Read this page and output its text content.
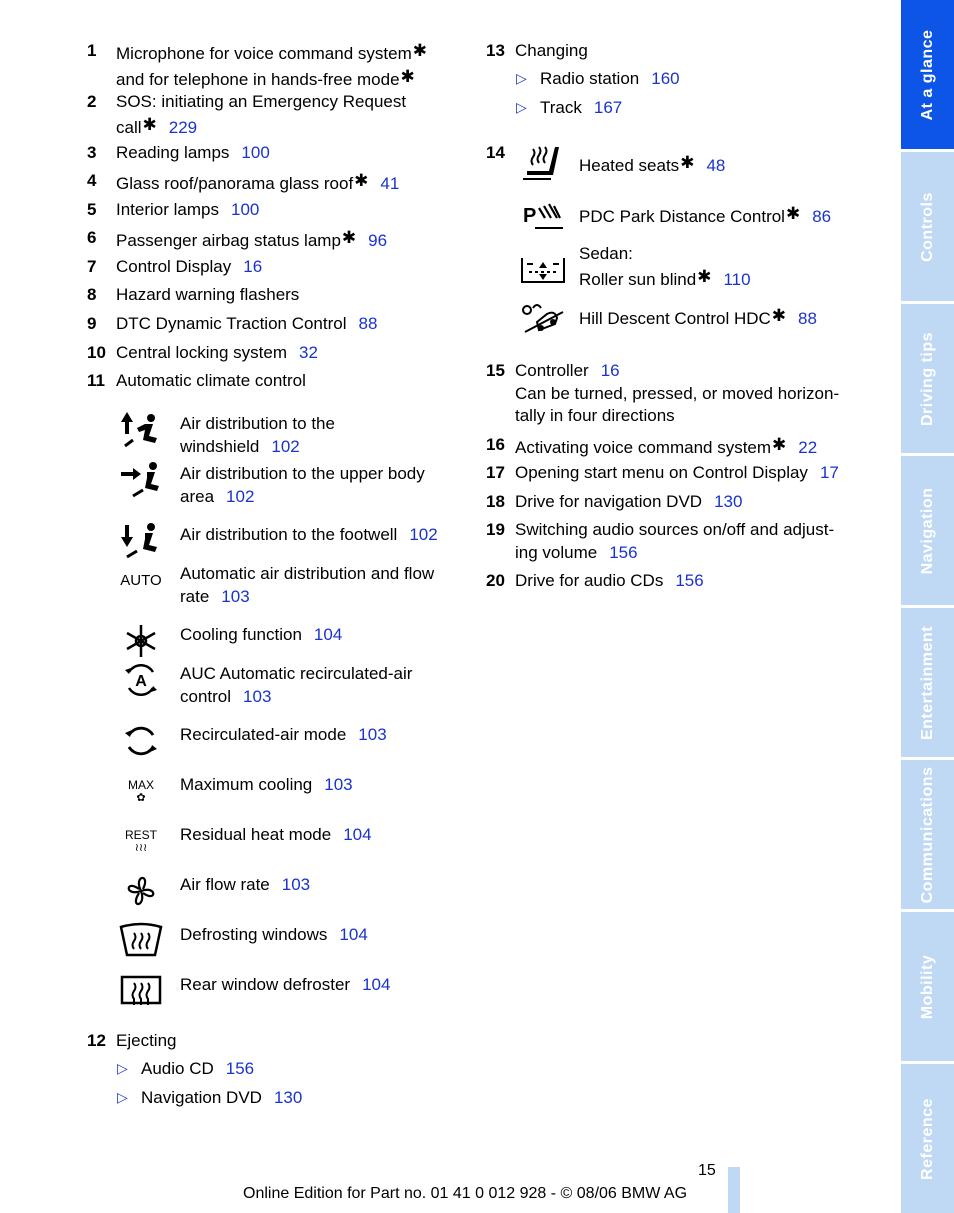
1 Microphone for voice command system✱
and for telephone in hands-free mode✱
2 SOS: initiating an Emergency Request
call✱ 229
3 Reading lamps 100
4 Glass roof/panorama glass roof✱ 41
5 Interior lamps 100
6 Passenger airbag status lamp✱ 96
7 Control Display 16
8 Hazard warning flashers
9 DTC Dynamic Traction Control 88
10 Central locking system 32
11 Automatic climate control
Air distribution to the
windshield 102
Air distribution to the upper body
area 102
Air distribution to the footwell 102
AUTO Automatic air distribution and flow
rate 103
Cooling function 104
A AUC Automatic recirculated-air
control 103
Recirculated-air mode 103
MAX
✿
Maximum cooling 103
REST
≀≀≀
Residual heat mode 104
Air flow rate 103
Defrosting windows 104
Rear window defroster 104
12 Ejecting
▷ Audio CD 156
▷ Navigation DVD 130
13 Changing
▷ Radio station 160
▷ Track 167
14
Heated seats✱ 48
P	PDC Park Distance Control✱ 86
Sedan:
Roller sun blind✱ 110
Hill Descent Control HDC✱ 88
15 Controller 16
Can be turned, pressed, or moved horizon-
tally in four directions
16 Activating voice command system✱ 22
17 Opening start menu on Control Display 17
18 Drive for navigation DVD 130
19 Switching audio sources on/off and adjust-
ing volume 156
20 Drive for audio CDs 156
At a glance
Controls
Driving tips
Navigation
Entertainment
Communications
Mobility
Reference
15
Online Edition for Part no. 01 41 0 012 928 - © 08/06 BMW AG
